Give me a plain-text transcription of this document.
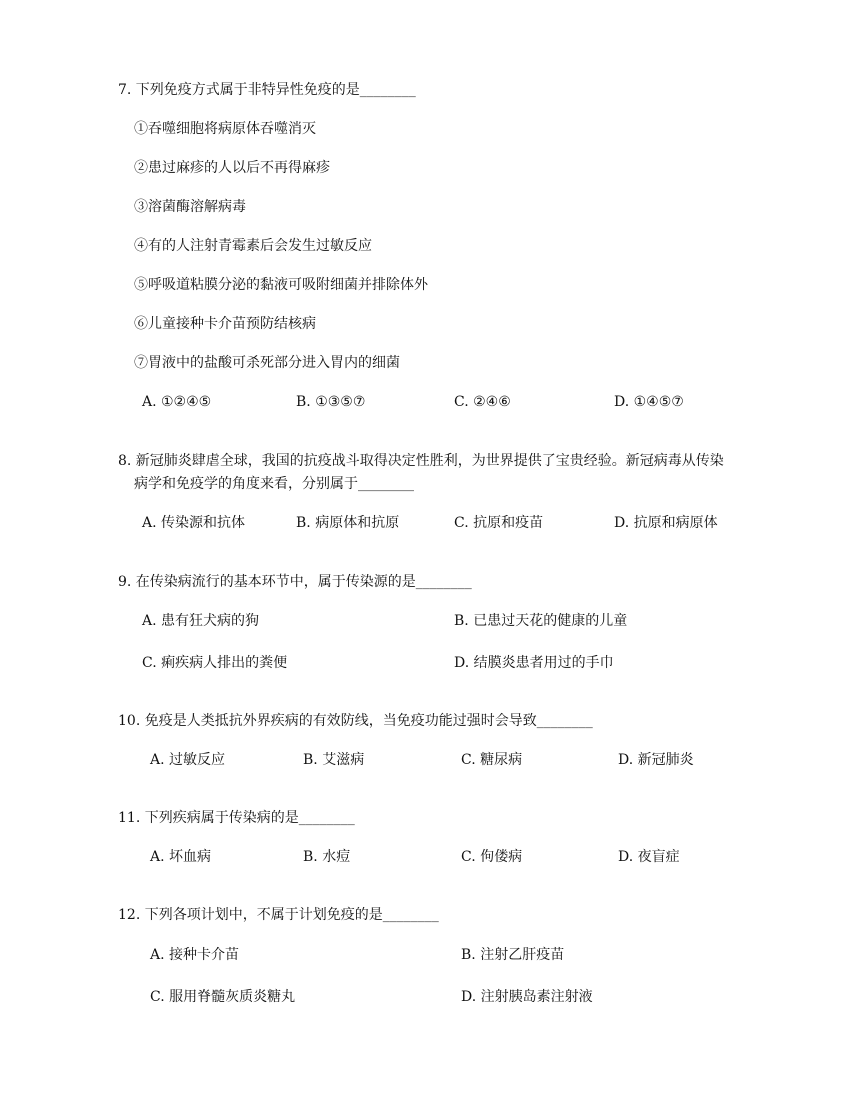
7. 下列免疫方式属于非特异性免疫的是________
①吞噬细胞将病原体吞噬消灭
②患过麻疹的人以后不再得麻疹
③溶菌酶溶解病毒
④有的人注射青霉素后会发生过敏反应
⑤呼吸道粘膜分泌的黏液可吸附细菌并排除体外
⑥儿童接种卡介苗预防结核病
⑦胃液中的盐酸可杀死部分进入胃内的细菌
A. ①②④⑤	B. ①③⑤⑦	C. ②④⑥	D. ①④⑤⑦
8. 新冠肺炎肆虐全球，我国的抗疫战斗取得决定性胜利，为世界提供了宝贵经验。新冠病毒从传染
病学和免疫学的角度来看，分别属于________
A. 传染源和抗体	B. 病原体和抗原	C. 抗原和疫苗	D. 抗原和病原体
9. 在传染病流行的基本环节中，属于传染源的是________
A. 患有狂犬病的狗	B. 已患过天花的健康的儿童
C. 痢疾病人排出的粪便	D. 结膜炎患者用过的手巾
10. 免疫是人类抵抗外界疾病的有效防线，当免疫功能过强时会导致________
A. 过敏反应	B. 艾滋病	C. 糖尿病	D. 新冠肺炎
11. 下列疾病属于传染病的是________
A. 坏血病	B. 水痘	C. 佝偻病	D. 夜盲症
12. 下列各项计划中，不属于计划免疫的是________
A. 接种卡介苗	B. 注射乙肝疫苗
C. 服用脊髓灰质炎糖丸	D. 注射胰岛素注射液
